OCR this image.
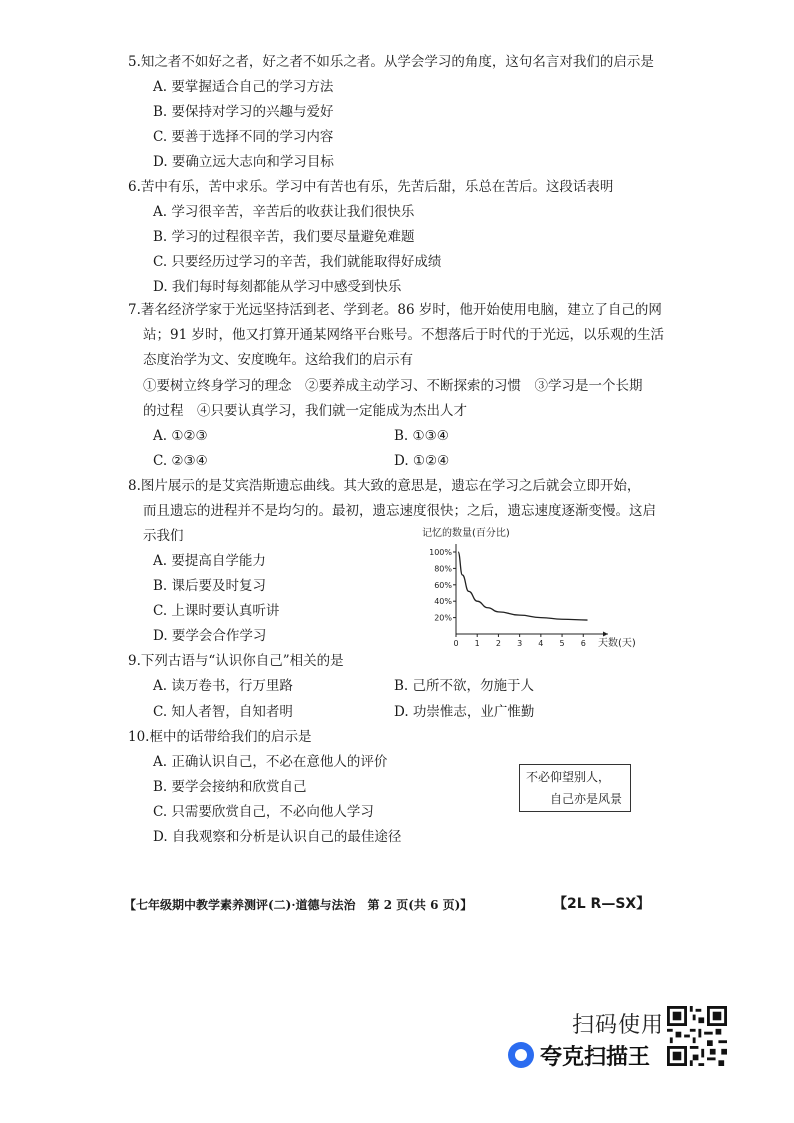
5.知之者不如好之者，好之者不如乐之者。从学会学习的角度，这句名言对我们的启示是
A. 要掌握适合自己的学习方法
B. 要保持对学习的兴趣与爱好
C. 要善于选择不同的学习内容
D. 要确立远大志向和学习目标
6.苦中有乐，苦中求乐。学习中有苦也有乐，先苦后甜，乐总在苦后。这段话表明
A. 学习很辛苦，辛苦后的收获让我们很快乐
B. 学习的过程很辛苦，我们要尽量避免难题
C. 只要经历过学习的辛苦，我们就能取得好成绩
D. 我们每时每刻都能从学习中感受到快乐
7.著名经济学家于光远坚持活到老、学到老。86 岁时，他开始使用电脑，建立了自己的网
站；91 岁时，他又打算开通某网络平台账号。不想落后于时代的于光远，以乐观的生活
态度治学为文、安度晚年。这给我们的启示有
①要树立终身学习的理念　②要养成主动学习、不断探索的习惯　③学习是一个长期
的过程　④只要认真学习，我们就一定能成为杰出人才
A. ①②③	B. ①③④
C. ②③④	D. ①②④
8.图片展示的是艾宾浩斯遗忘曲线。其大致的意思是，遗忘在学习之后就会立即开始，
而且遗忘的进程并不是均匀的。最初，遗忘速度很快；之后，遗忘速度逐渐变慢。这启
示我们
A. 要提高自学能力
B. 课后要及时复习
C. 上课时要认真听讲
D. 要学会合作学习
记忆的数量(百分比)
天数(天)
20%
40%
60%
80%
100%
0 1 2 3 4 5 6
9.下列古语与“认识你自己”相关的是
A. 读万卷书，行万里路	B. 己所不欲，勿施于人
C. 知人者智，自知者明	D. 功崇惟志，业广惟勤
10.框中的话带给我们的启示是
A. 正确认识自己，不必在意他人的评价
B. 要学会接纳和欣赏自己
C. 只需要欣赏自己，不必向他人学习
D. 自我观察和分析是认识自己的最佳途径
不必仰望别人，
自己亦是风景
【七年级期中教学素养测评(二)·道德与法治　第 2 页(共 6 页)】	【2L R—SX】
扫码使用
夸克扫描王
